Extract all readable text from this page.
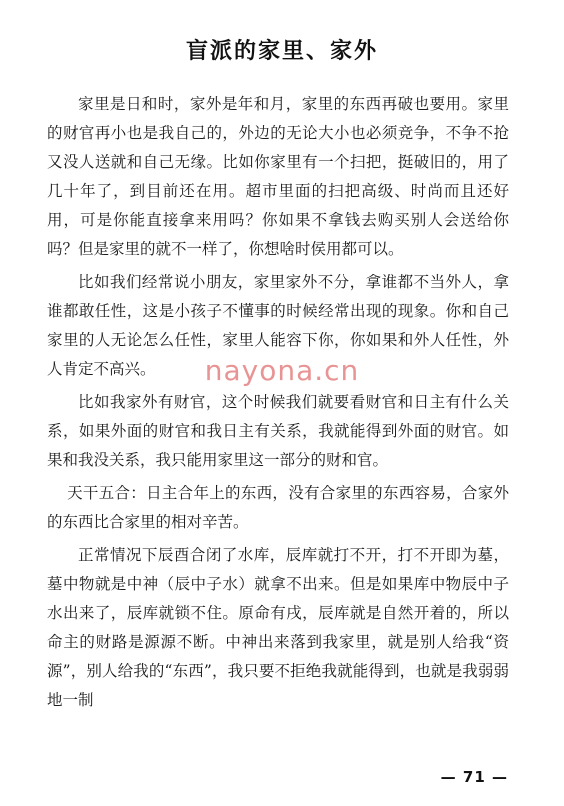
盲派的家里、家外

家里是日和时，家外是年和月，家里的东西再破也要用。家里的财官再小也是我自己的，外边的无论大小也必须竞争，不争不抢又没人送就和自己无缘。比如你家里有一个扫把，挺破旧的，用了几十年了，到目前还在用。超市里面的扫把高级、时尚而且还好用，可是你能直接拿来用吗？你如果不拿钱去购买别人会送给你吗？但是家里的就不一样了，你想啥时侯用都可以。

比如我们经常说小朋友，家里家外不分，拿谁都不当外人，拿谁都敢任性，这是小孩子不懂事的时候经常出现的现象。你和自己家里的人无论怎么任性，家里人能容下你，你如果和外人任性，外人肯定不高兴。

比如我家外有财官，这个时候我们就要看财官和日主有什么关系，如果外面的财官和我日主有关系，我就能得到外面的财官。如果和我没关系，我只能用家里这一部分的财和官。

天干五合：日主合年上的东西，没有合家里的东西容易，合家外的东西比合家里的相对辛苦。

正常情况下辰酉合闭了水库，辰库就打不开，打不开即为墓，墓中物就是中神（辰中子水）就拿不出来。但是如果库中物辰中子水出来了，辰库就锁不住。原命有戌，辰库就是自然开着的，所以命主的财路是源源不断。中神出来落到我家里，就是别人给我“资源”，别人给我的“东西”，我只要不拒绝我就能得到，也就是我弱弱地一制

nayona.cn
— 71 —
